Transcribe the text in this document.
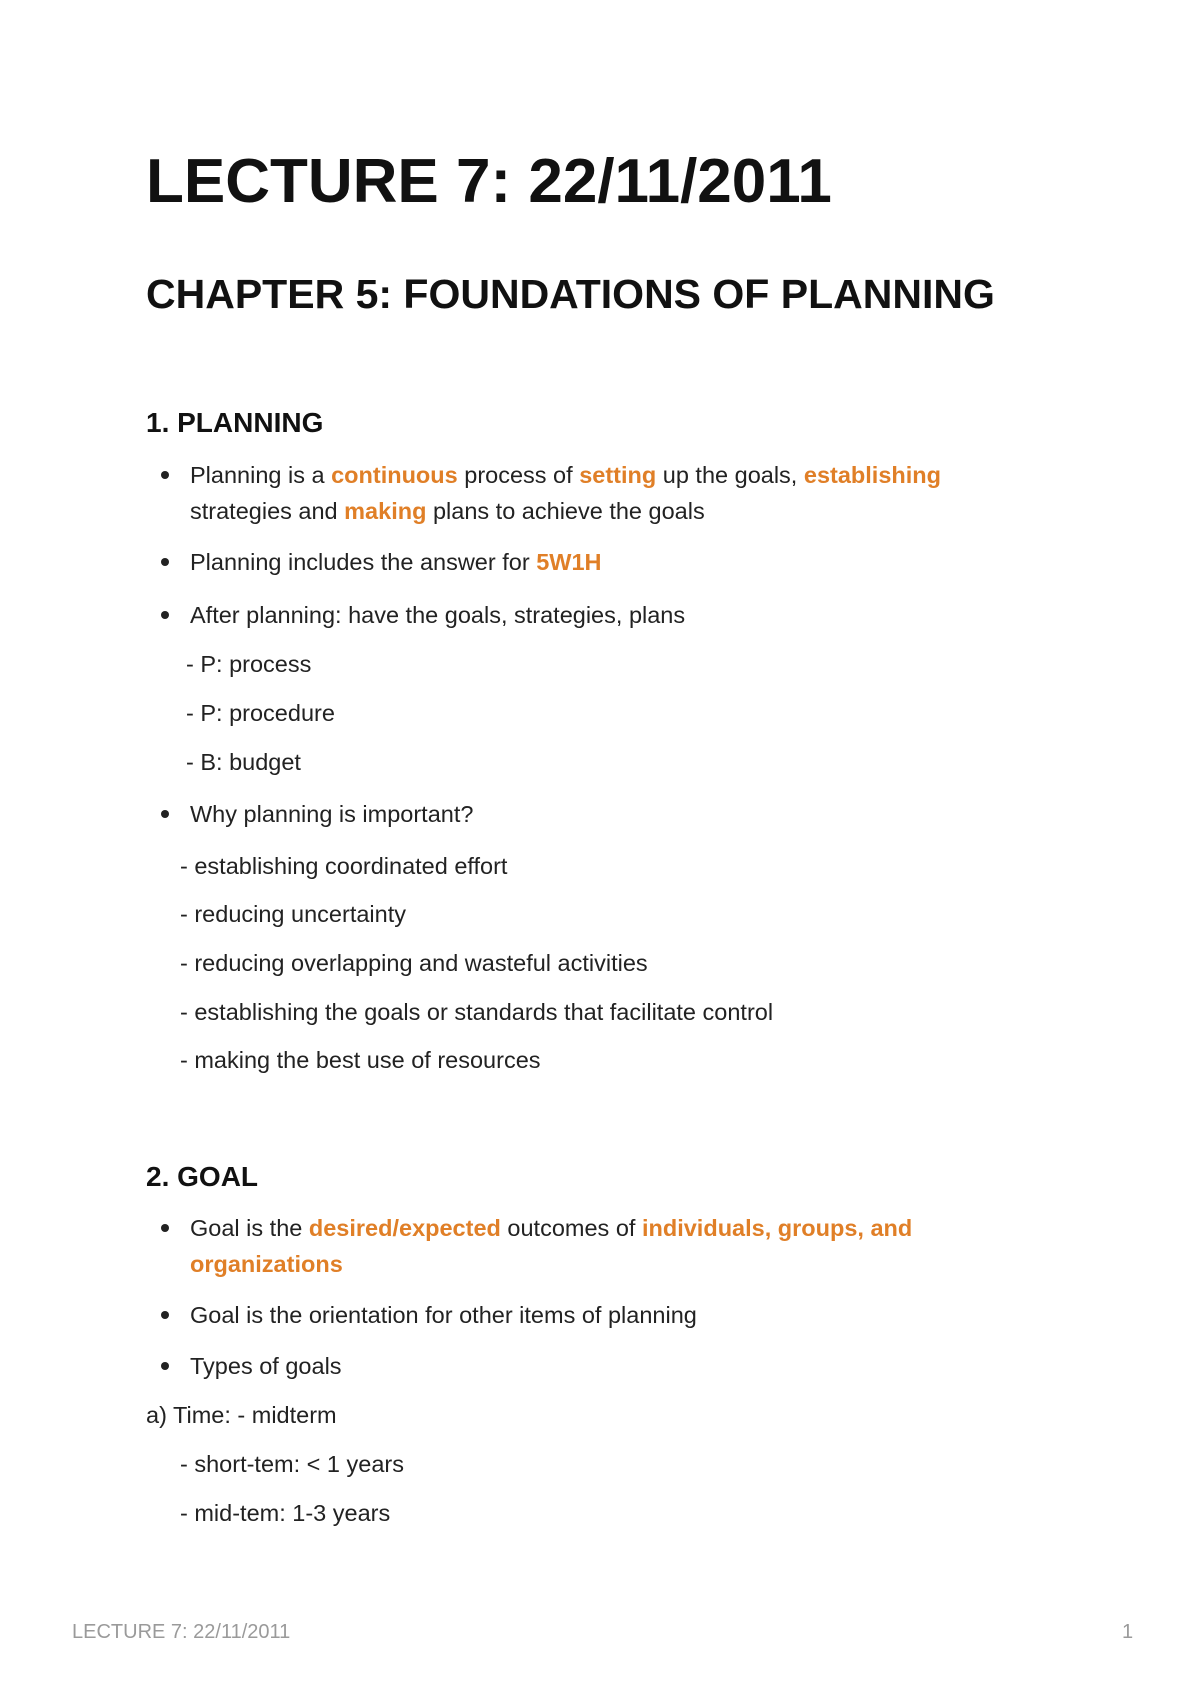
LECTURE 7: 22/11/2011
CHAPTER 5: FOUNDATIONS OF PLANNING
1. PLANNING
Planning is a continuous process of setting up the goals, establishing
strategies and making plans to achieve the goals
Planning includes the answer for 5W1H
After planning: have the goals, strategies, plans
- P: process
- P: procedure
- B: budget
Why planning is important?
- establishing coordinated effort
- reducing uncertainty
- reducing overlapping and wasteful activities
- establishing the goals or standards that facilitate control
- making the best use of resources
2. GOAL
Goal is the desired/expected outcomes of individuals, groups, and
organizations
Goal is the orientation for other items of planning
Types of goals
a) Time: - midterm
- short-tem: < 1 years
- mid-tem: 1-3 years
LECTURE 7: 22/11/2011	1
